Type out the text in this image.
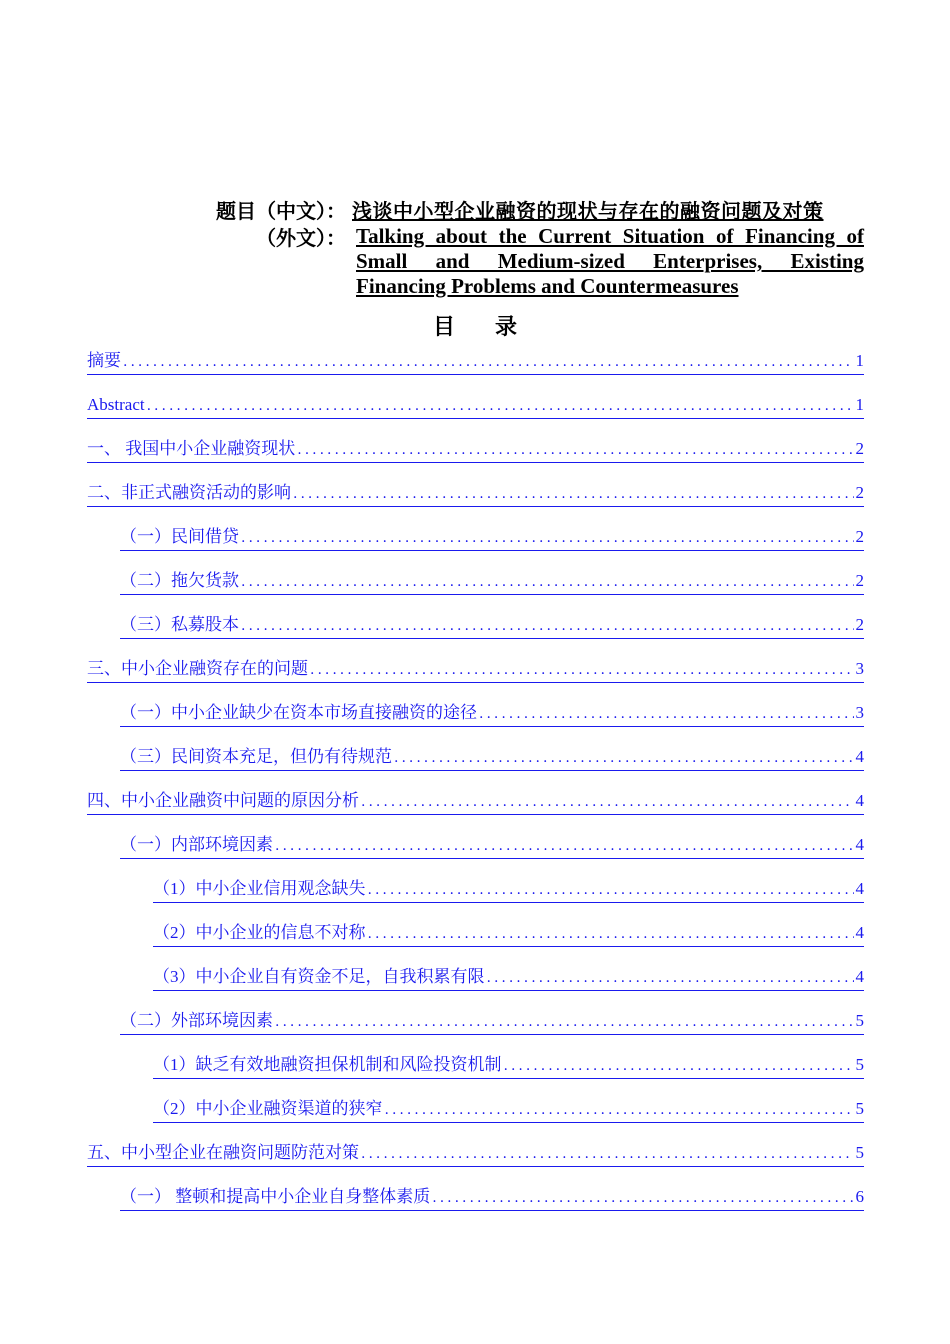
题目（中文）： 浅谈中小型企业融资的现状与存在的融资问题及对策
（外文）： Talking about the Current Situation of Financing of Small and Medium-sized Enterprises, Existing Financing Problems and Countermeasures
目录
摘要 .....	1
Abstract .....	1
一、 我国中小企业融资现状 .....	2
二、非正式融资活动的影响 .....	2
（一）民间借贷 .....	2
（二）拖欠货款 .....	2
（三）私募股本 .....	2
三、中小企业融资存在的问题 .....	3
（一）中小企业缺少在资本市场直接融资的途径 .....	3
（三）民间资本充足，但仍有待规范 .....	4
四、中小企业融资中问题的原因分析 .....	4
（一）内部环境因素 .....	4
（1）中小企业信用观念缺失 .....	4
（2）中小企业的信息不对称 .....	4
（3）中小企业自有资金不足，自我积累有限 .....	4
（二）外部环境因素 .....	5
（1）缺乏有效地融资担保机制和风险投资机制 .....	5
（2）中小企业融资渠道的狭窄 .....	5
五、中小型企业在融资问题防范对策 .....	5
（一） 整顿和提高中小企业自身整体素质 .....	6
